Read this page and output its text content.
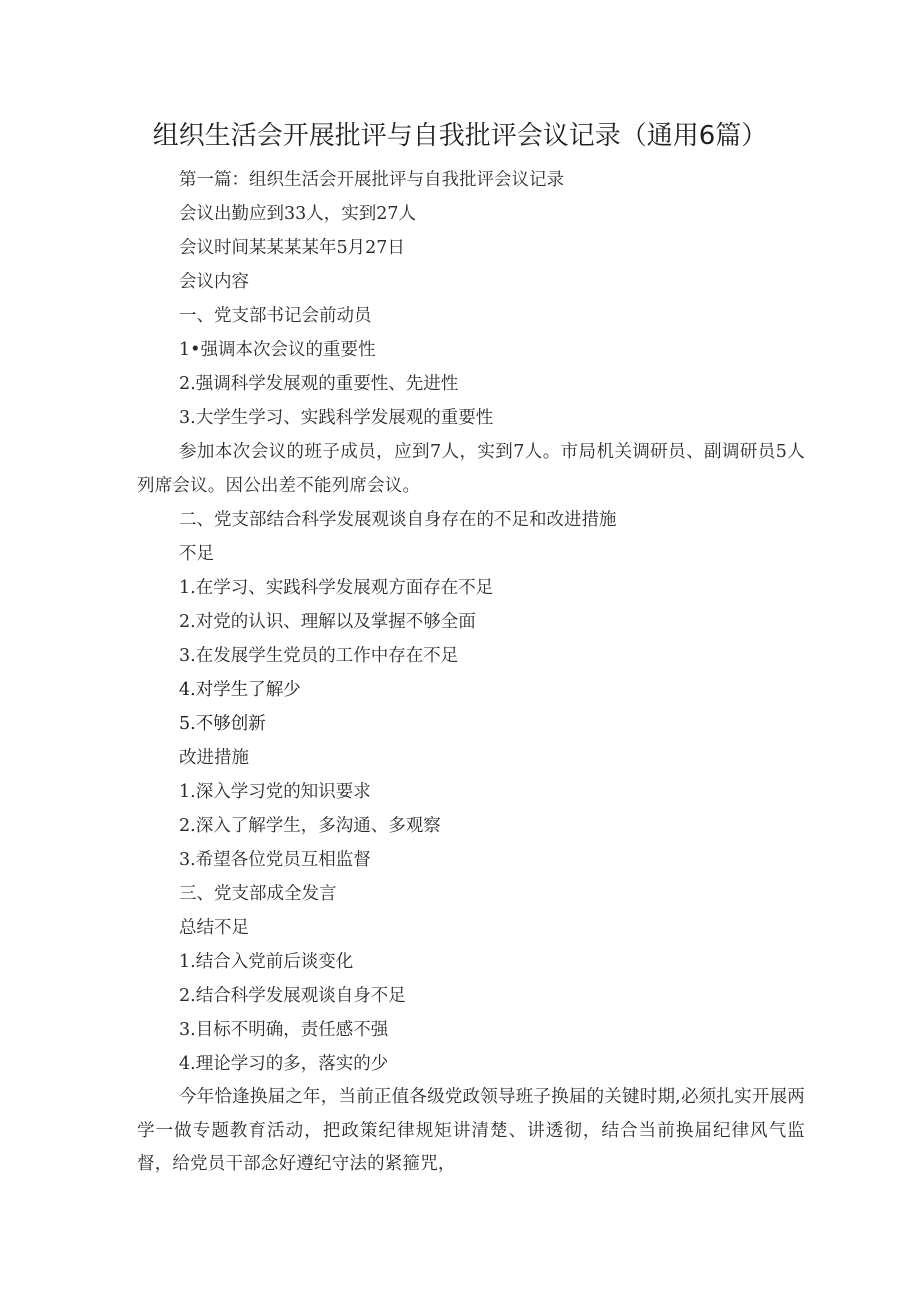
组织生活会开展批评与自我批评会议记录（通用6篇）

第一篇：组织生活会开展批评与自我批评会议记录

会议出勤应到33人，实到27人

会议时间某某某某年5月27日

会议内容

一、党支部书记会前动员

1•强调本次会议的重要性

2.强调科学发展观的重要性、先进性

3.大学生学习、实践科学发展观的重要性

参加本次会议的班子成员，应到7人，实到7人。市局机关调研员、副调研员5人列席会议。因公出差不能列席会议。

二、党支部结合科学发展观谈自身存在的不足和改进措施

不足

1.在学习、实践科学发展观方面存在不足

2.对党的认识、理解以及掌握不够全面

3.在发展学生党员的工作中存在不足

4.对学生了解少

5.不够创新

改进措施

1.深入学习党的知识要求

2.深入了解学生，多沟通、多观察

3.希望各位党员互相监督

三、党支部成全发言

总结不足

1.结合入党前后谈变化

2.结合科学发展观谈自身不足

3.目标不明确，责任感不强

4.理论学习的多，落实的少

今年恰逢换届之年，当前正值各级党政领导班子换届的关键时期,必须扎实开展两学一做专题教育活动，把政策纪律规矩讲清楚、讲透彻，结合当前换届纪律风气监督，给党员干部念好遵纪守法的紧箍咒，
